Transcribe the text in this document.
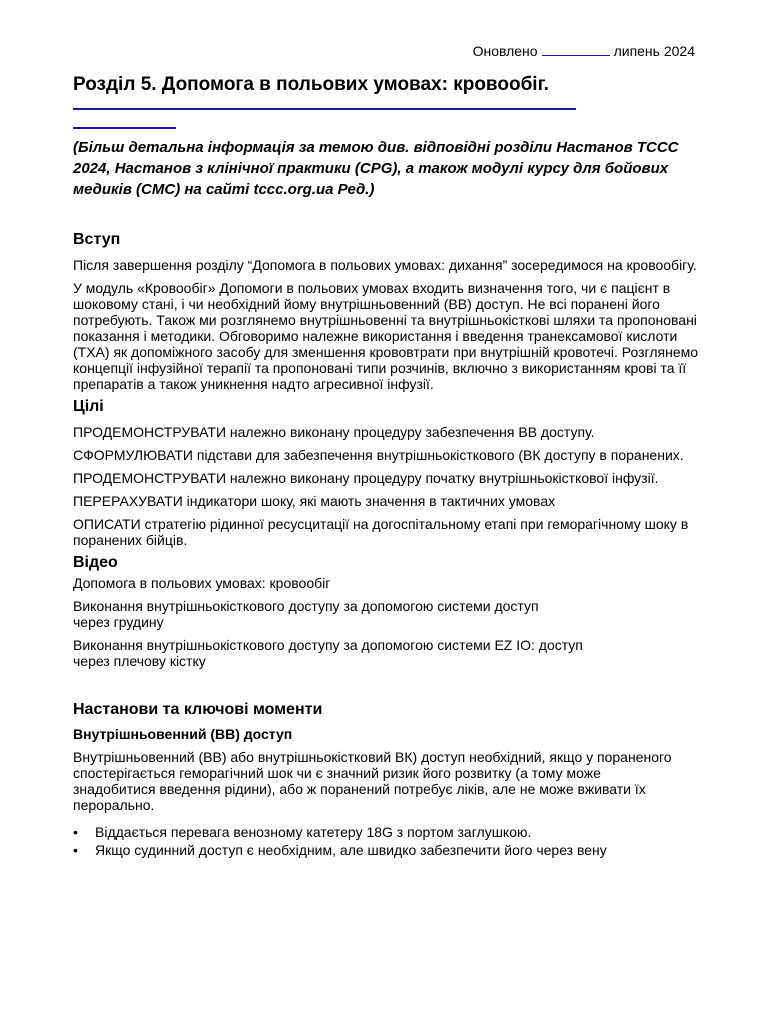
Оновлено	липень 2024
Розділ 5. Допомога в польових умовах: кровообіг.

(Більш детальна інформація за темою див. відповідні розділи Настанов TCCC 2024, Настанов з клінічної практики (CPG), а також модулі курсу для бойових медиків (CMC) на сайті tccc.org.ua Ред.)

Вступ

Після завершення розділу “Допомога в польових умовах: дихання” зосередимося на кровообігу.

У модуль «Кровообіг» Допомоги в польових умовах входить визначення того, чи є пацієнт в шоковому стані, і чи необхідний йому внутрішньовенний (ВВ) доступ. Не всі поранені його потребують. Також ми розглянемо внутрішньовенні та внутрішньокісткові шляхи та пропоновані показання і методики. Обговоримо належне використання і введення транексамової кислоти (TXA) як допоміжного засобу для зменшення крововтрати при внутрішній кровотечі. Розглянемо концепції інфузійної терапії та пропоновані типи розчинів, включно з використанням крові та її препаратів а також уникнення надто агресивної інфузії.

Цілі

ПРОДЕМОНСТРУВАТИ належно виконану процедуру забезпечення ВВ доступу.

СФОРМУЛЮВАТИ підстави для забезпечення внутрішньокісткового (ВК доступу в поранених.

ПРОДЕМОНСТРУВАТИ належно виконану процедуру початку внутрішньокісткової інфузії.

ПЕРЕРАХУВАТИ індикатори шоку, які мають значення в тактичних умовах

ОПИСАТИ стратегію рідинної ресусцитації на догоспітальному етапі при геморагічному шоку в поранених бійців.

Відео

Допомога в польових умовах: кровообіг

Виконання внутрішньокісткового доступу за допомогою системи доступ через грудину

Виконання внутрішньокісткового доступу за допомогою системи EZ IO: доступ через плечову кістку

Настанови та ключові моменти
Внутрішньовенний (ВВ) доступ

Внутрішньовенний (ВВ) або внутрішньокістковий ВК) доступ необхідний, якщо у пораненого спостерігається геморагічний шок чи є значний ризик його розвитку (а тому може знадобитися введення рідини), або ж поранений потребує ліків, але не може вживати їх перорально.

• Віддається перевага венозному катетеру 18G з портом заглушкою.
• Якщо судинний доступ є необхідним, але швидко забезпечити його через вену
